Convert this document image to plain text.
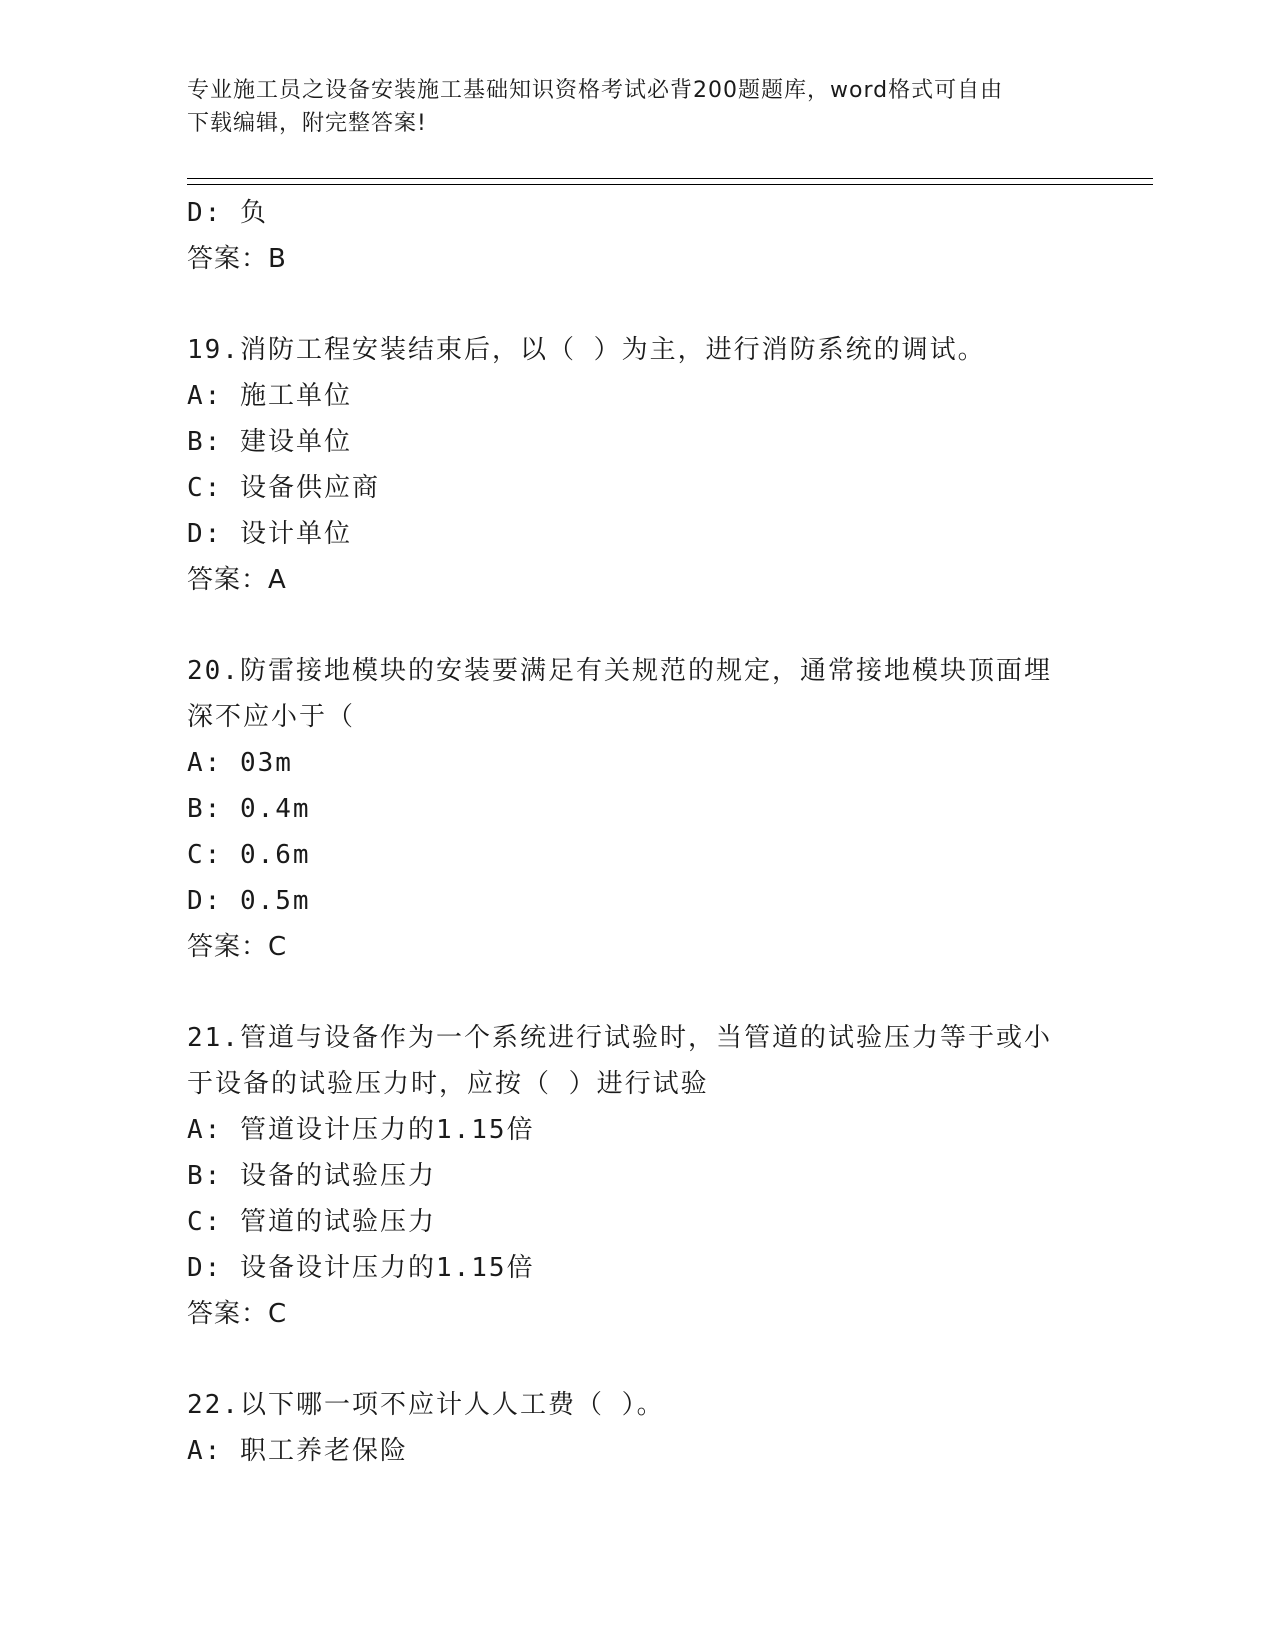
专业施工员之设备安装施工基础知识资格考试必背200题题库，word格式可自由
下载编辑，附完整答案!
D: 负
答案：B
19.消防工程安装结束后，以（ ）为主，进行消防系统的调试。
A: 施工单位
B: 建设单位
C: 设备供应商
D: 设计单位
答案：A
20.防雷接地模块的安装要满足有关规范的规定，通常接地模块顶面埋
深不应小于（
A: 03m
B: 0.4m
C: 0.6m
D: 0.5m
答案：C
21.管道与设备作为一个系统进行试验时，当管道的试验压力等于或小
于设备的试验压力时，应按（ ）进行试验
A: 管道设计压力的1.15倍
B: 设备的试验压力
C: 管道的试验压力
D: 设备设计压力的1.15倍
答案：C
22.以下哪一项不应计人人工费（ ）。
A: 职工养老保险
